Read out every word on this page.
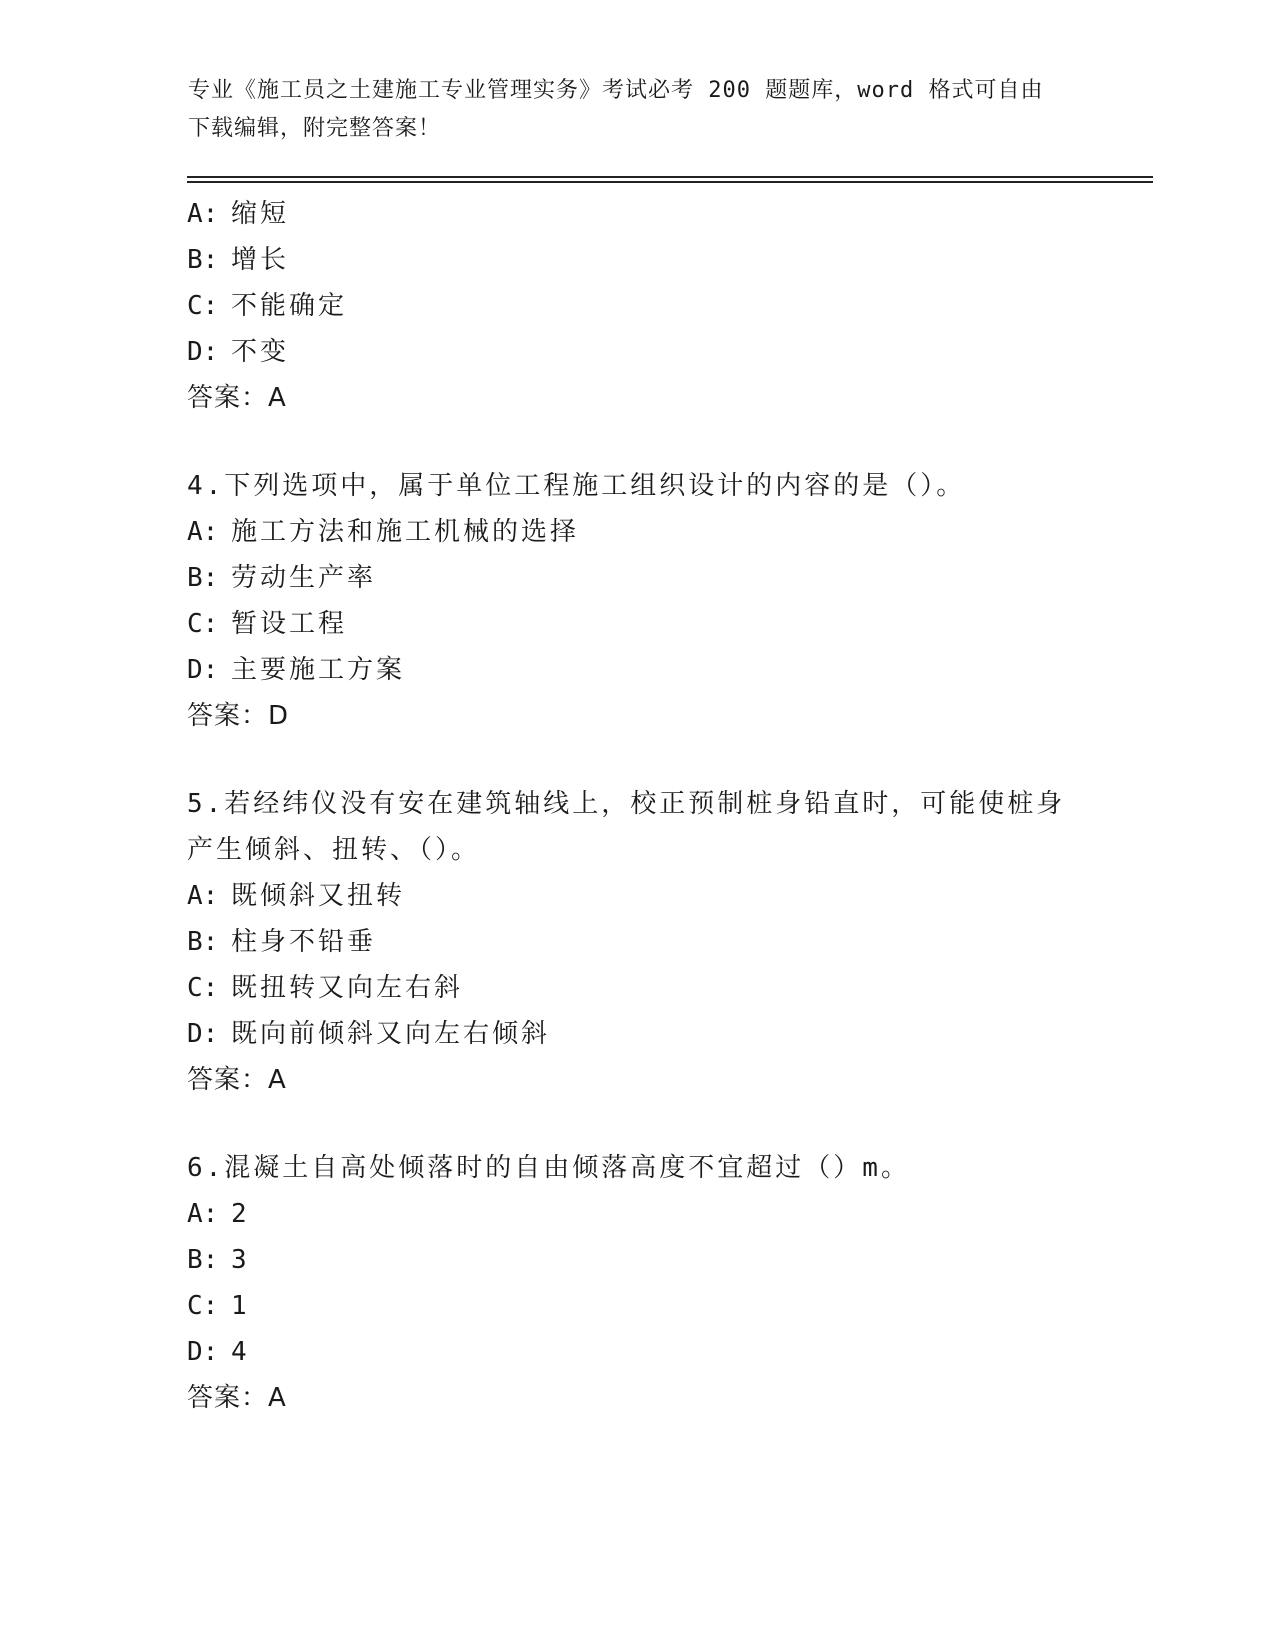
专业《施工员之土建施工专业管理实务》考试必考 200 题题库，word 格式可自由
下载编辑，附完整答案！
A: 缩短
B: 增长
C: 不能确定
D: 不变
答案：A
4.下列选项中，属于单位工程施工组织设计的内容的是（）。
A: 施工方法和施工机械的选择
B: 劳动生产率
C: 暂设工程
D: 主要施工方案
答案：D
5.若经纬仪没有安在建筑轴线上，校正预制桩身铅直时，可能使桩身
产生倾斜、扭转、（）。
A: 既倾斜又扭转
B: 柱身不铅垂
C: 既扭转又向左右斜
D: 既向前倾斜又向左右倾斜
答案：A
6.混凝土自高处倾落时的自由倾落高度不宜超过（）m。
A: 2
B: 3
C: 1
D: 4
答案：A
